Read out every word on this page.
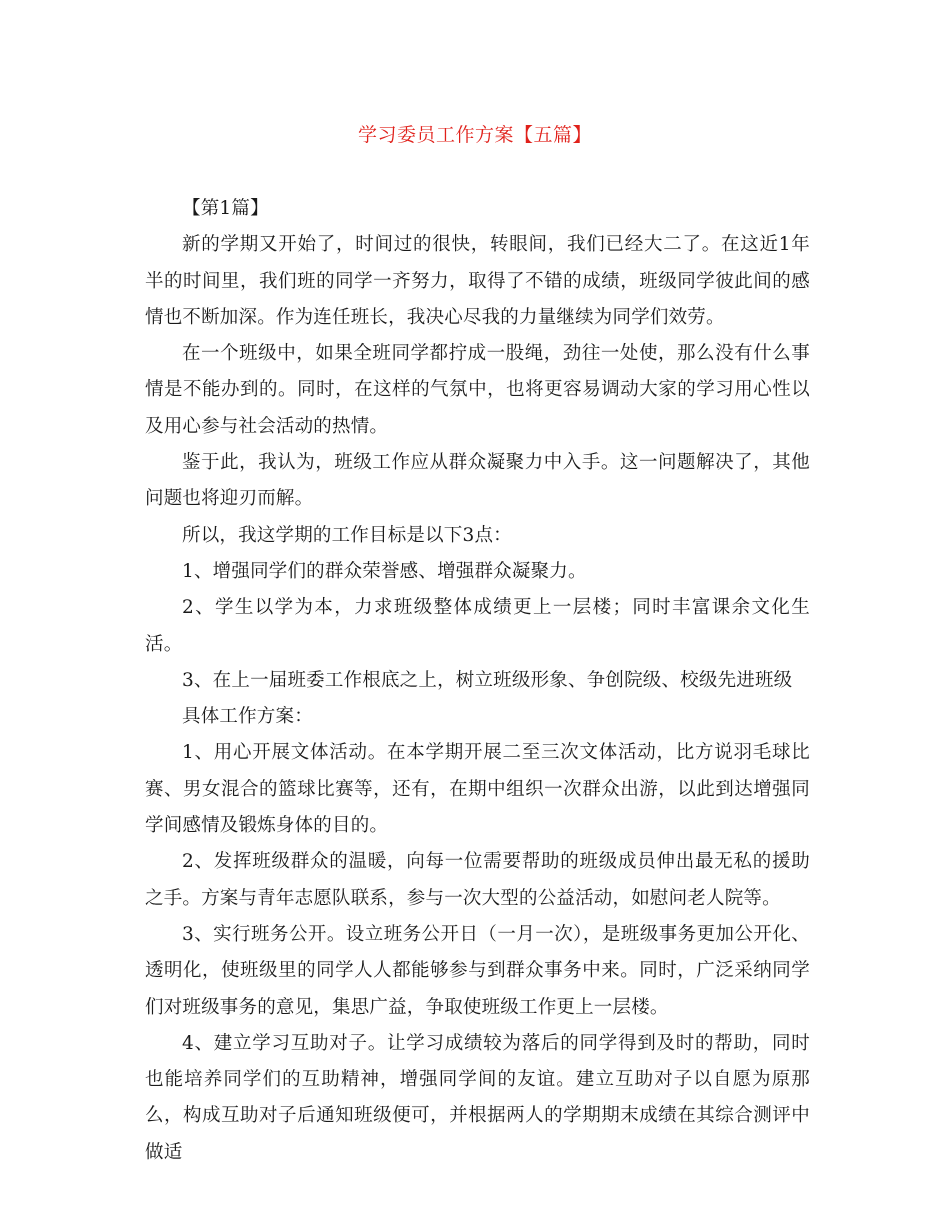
学习委员工作方案【五篇】

【第1篇】

新的学期又开始了，时间过的很快，转眼间，我们已经大二了。在这近1年半的时间里，我们班的同学一齐努力，取得了不错的成绩，班级同学彼此间的感情也不断加深。作为连任班长，我决心尽我的力量继续为同学们效劳。

在一个班级中，如果全班同学都拧成一股绳，劲往一处使，那么没有什么事情是不能办到的。同时，在这样的气氛中，也将更容易调动大家的学习用心性以及用心参与社会活动的热情。

鉴于此，我认为，班级工作应从群众凝聚力中入手。这一问题解决了，其他问题也将迎刃而解。

所以，我这学期的工作目标是以下3点：

1、增强同学们的群众荣誉感、增强群众凝聚力。

2、学生以学为本，力求班级整体成绩更上一层楼；同时丰富课余文化生活。

3、在上一届班委工作根底之上，树立班级形象、争创院级、校级先进班级

具体工作方案：

1、用心开展文体活动。在本学期开展二至三次文体活动，比方说羽毛球比赛、男女混合的篮球比赛等，还有，在期中组织一次群众出游，以此到达增强同学间感情及锻炼身体的目的。

2、发挥班级群众的温暖，向每一位需要帮助的班级成员伸出最无私的援助之手。方案与青年志愿队联系，参与一次大型的公益活动，如慰问老人院等。

3、实行班务公开。设立班务公开日（一月一次），是班级事务更加公开化、透明化，使班级里的同学人人都能够参与到群众事务中来。同时，广泛采纳同学们对班级事务的意见，集思广益，争取使班级工作更上一层楼。

4、建立学习互助对子。让学习成绩较为落后的同学得到及时的帮助，同时也能培养同学们的互助精神，增强同学间的友谊。建立互助对子以自愿为原那么，构成互助对子后通知班级便可，并根据两人的学期期末成绩在其综合测评中做适
